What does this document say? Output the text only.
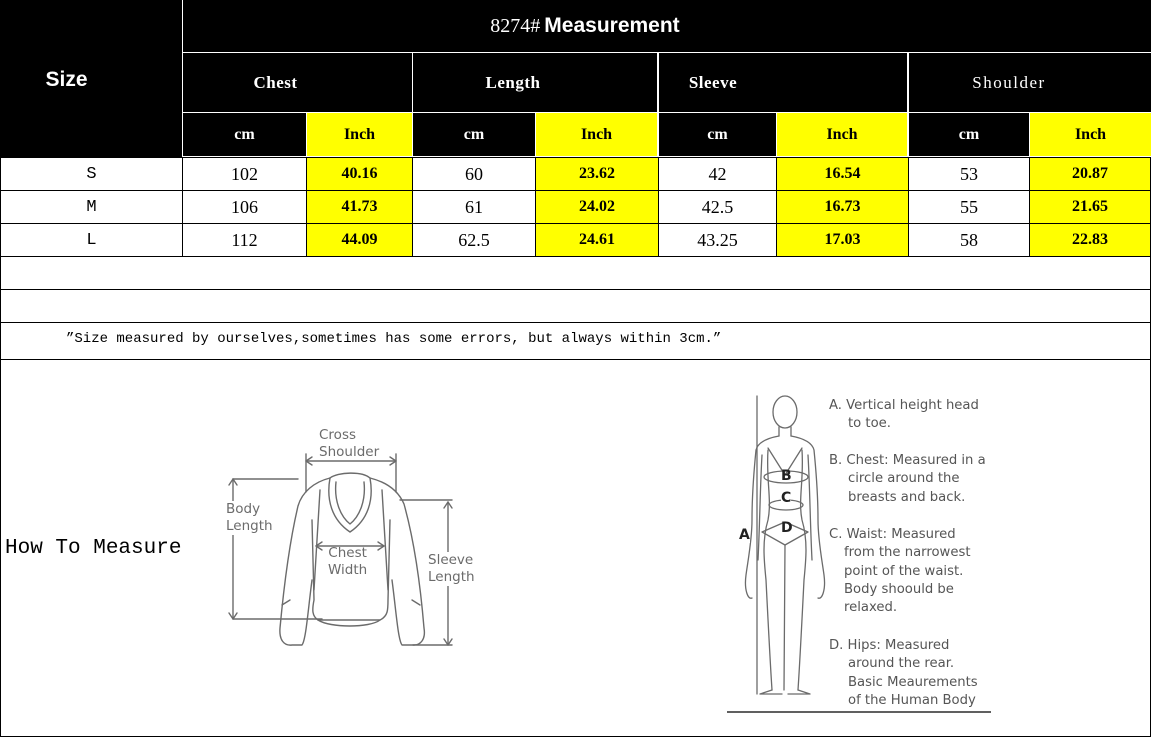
Size
8274# Measurement
Chest	Length	Sleeve	Shoulder
cm	Inch	cm	Inch	cm	Inch	cm	Inch
S	102	40.16	60	23.62	42	16.54	53	20.87
M	106	41.73	61	24.02	42.5	16.73	55	21.65
L	112	44.09	62.5	24.61	43.25	17.03	58	22.83
”Size measured by ourselves,sometimes has some errors, but always within 3cm.”
How To Measure
Cross
Shoulder
Body
Length
Chest
Width
Sleeve
Length
A
B
C
D
A. Vertical height head
to toe.
B. Chest: Measured in a
circle around the
breasts and back.
C. Waist: Measured
from the narrowest
point of the waist.
Body shoould be
relaxed.
D. Hips: Measured
around the rear.
Basic Meaurements
of the Human Body
